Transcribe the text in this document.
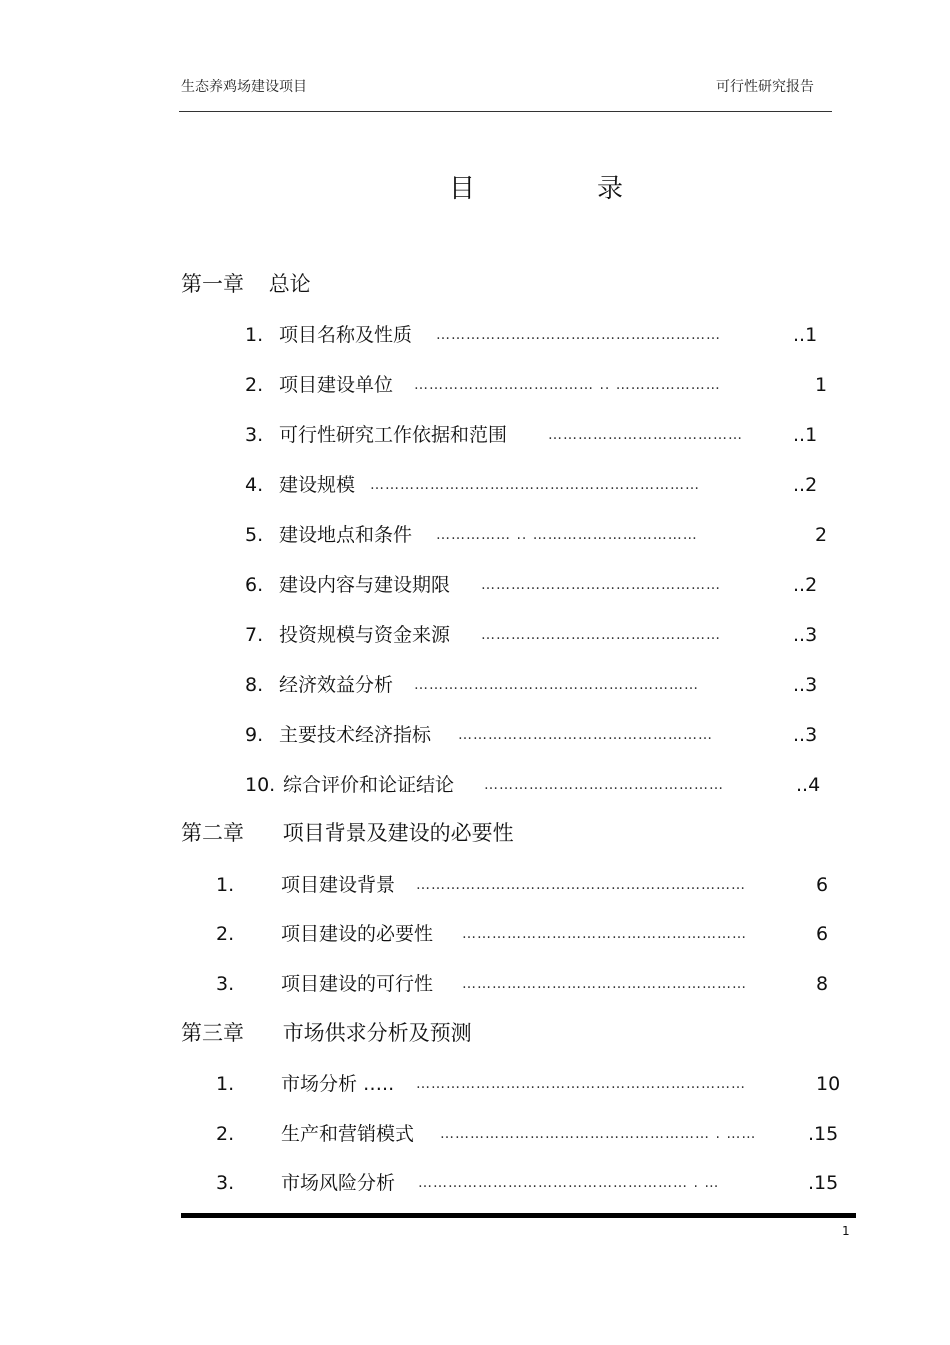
生态养鸡场建设项目	可行性研究报告
目	录
第一章 总论
1. 项目名称及性质 …………………………………………………	..1
2. 项目建设单位 ……………………………… .. …………………	1
3. 可行性研究工作依据和范围	…………………………………	..1
4. 建设规模 …………………………………………………………	..2
5. 建设地点和条件 …………… .. ……………………………	2
6. 建设内容与建设期限 …………………………………………	..2
7. 投资规模与资金来源 …………………………………………	..3
8. 经济效益分析 …………………………………………………	..3
9. 主要技术经济指标 ……………………………………………	..3
10. 综合评价和论证结论 …………………………………………	..4
第二章 项目背景及建设的必要性
1. 项目建设背景 …………………………………………………………	6
2. 项目建设的必要性 …………………………………………………	6
3. 项目建设的可行性 …………………………………………………	8
第三章 市场供求分析及预测
1. 市场分析 ….. …………………………………………………………	10
2. 生产和营销模式 ……………………………………………… . ……	.15
3. 市场风险分析 ……………………………………………… . …	.15
1
